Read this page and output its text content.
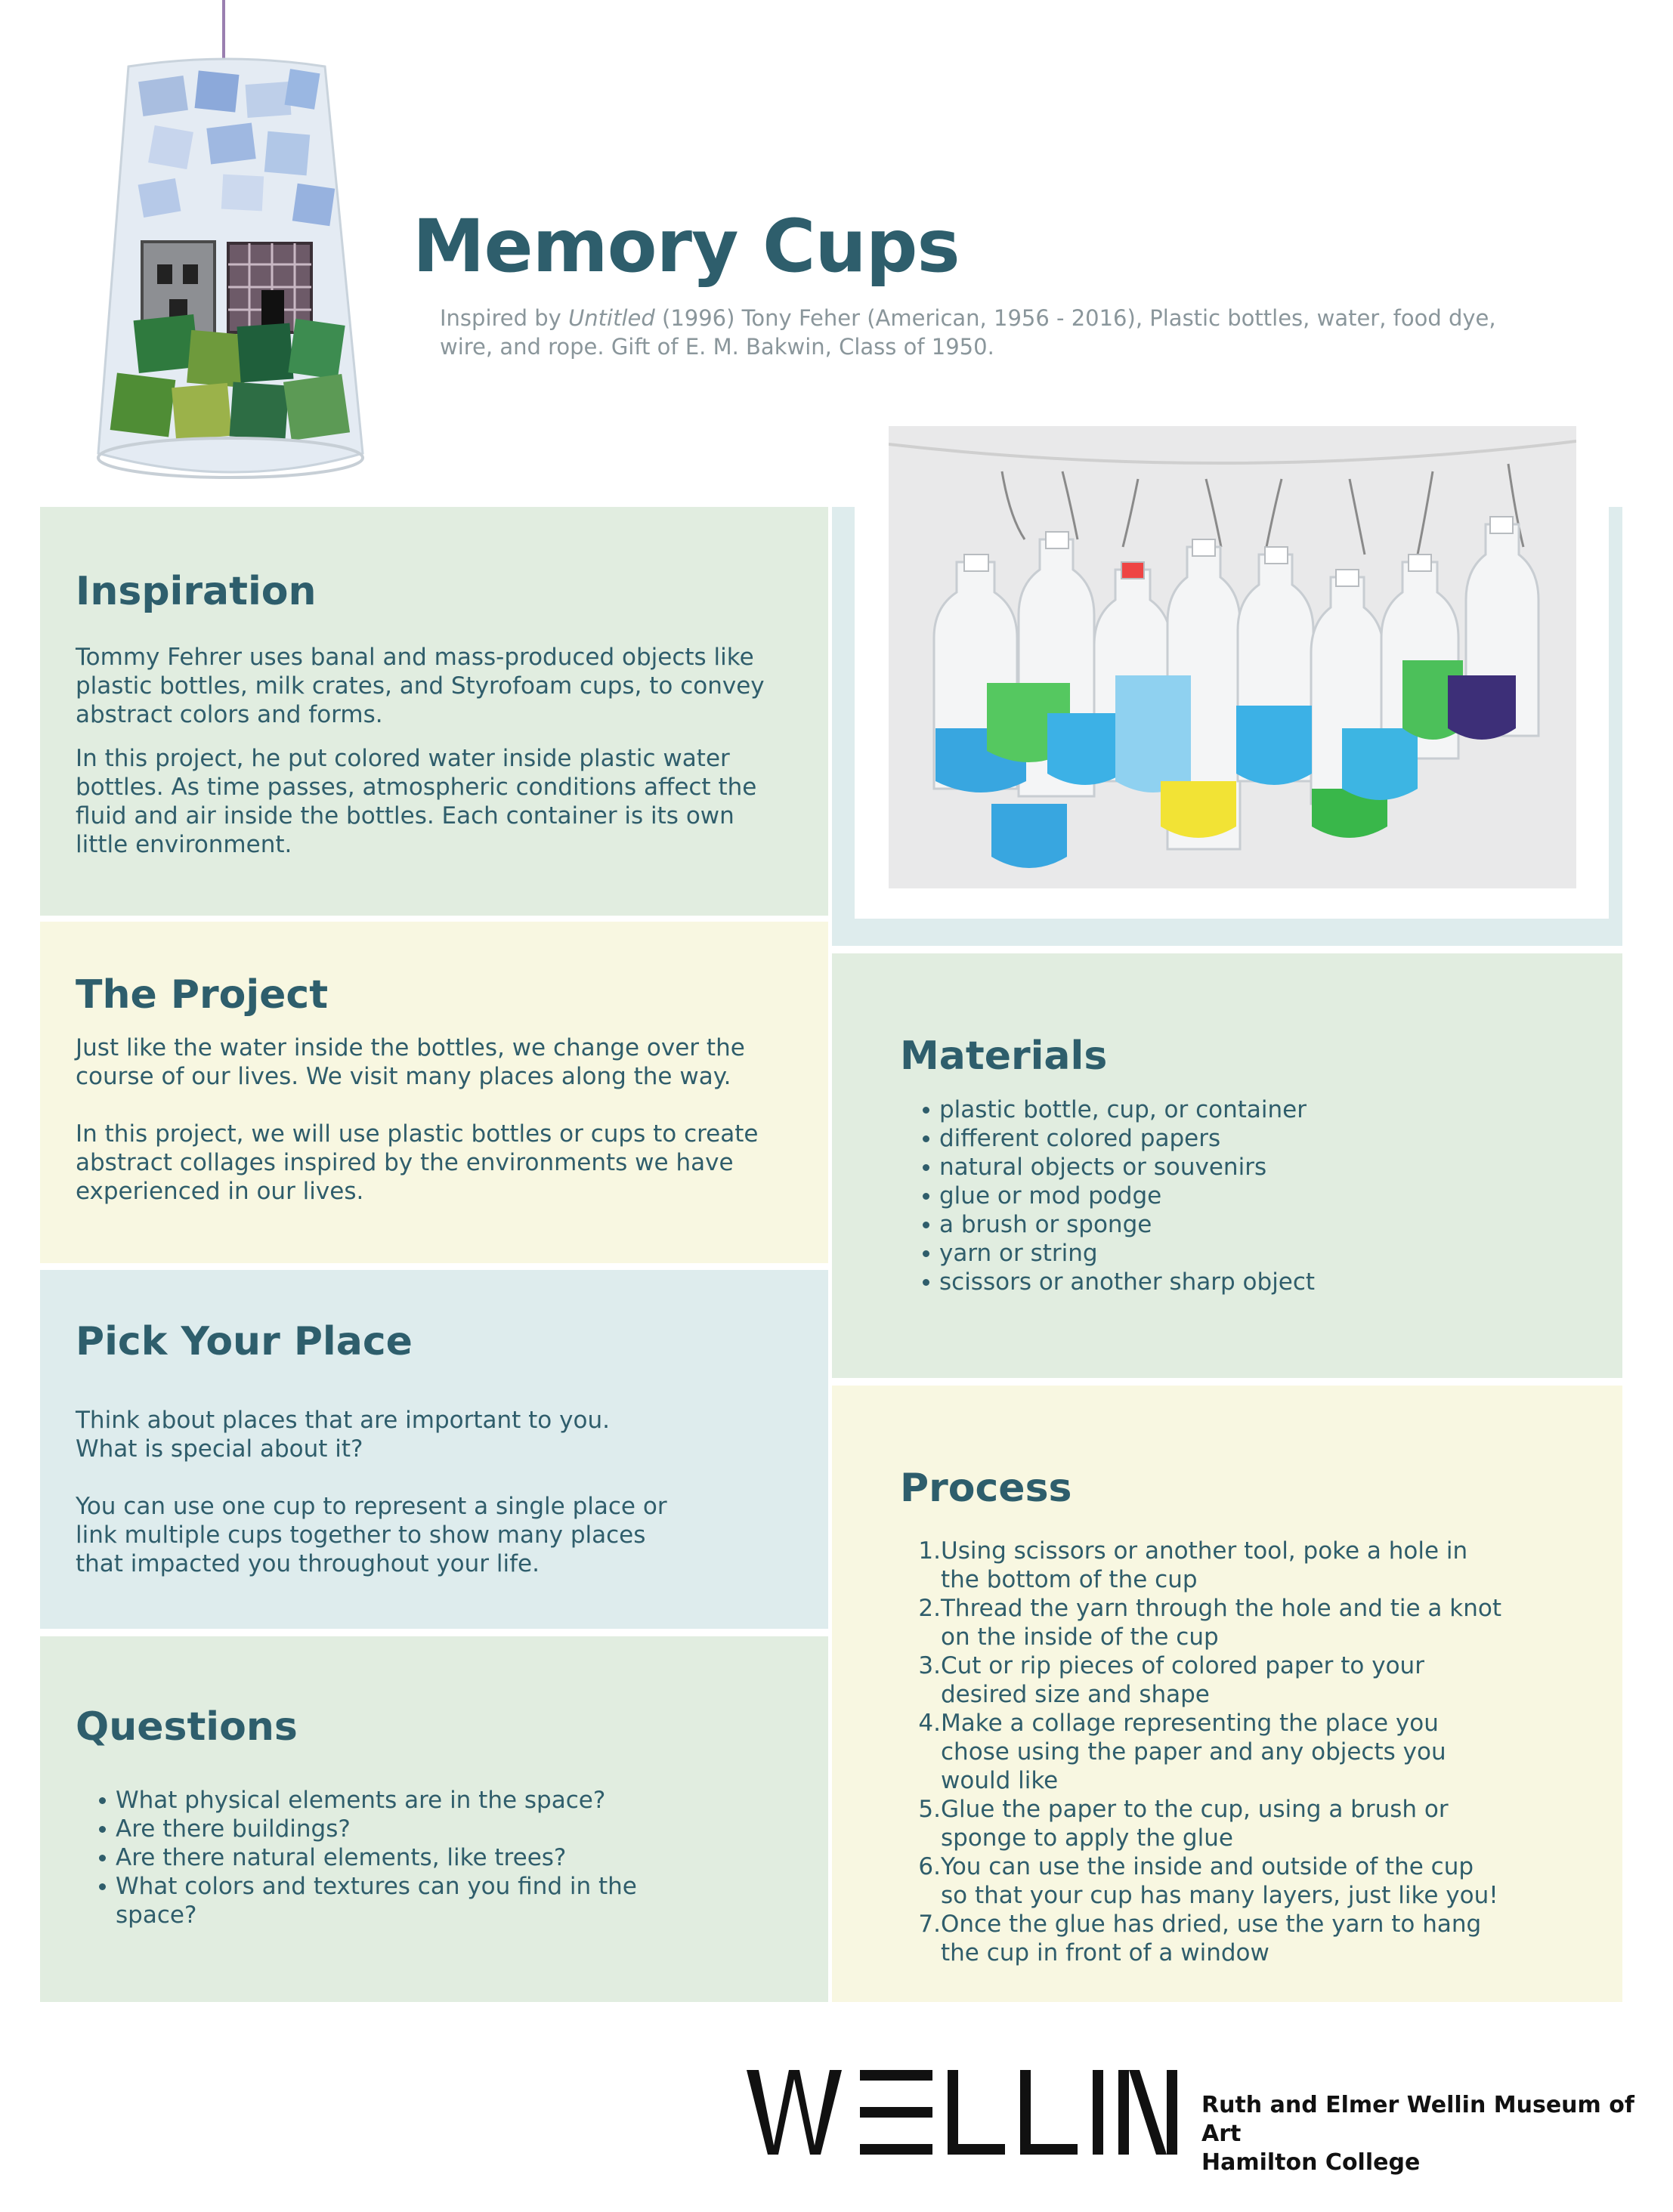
Memory Cups
Inspired by Untitled (1996) Tony Feher (American, 1956 - 2016), Plastic bottles, water, food dye, wire, and rope. Gift of E. M. Bakwin, Class of 1950.
Inspiration

Tommy Fehrer uses banal and mass-produced objects like plastic bottles, milk crates, and Styrofoam cups, to convey abstract colors and forms.

In this project, he put colored water inside plastic water bottles. As time passes, atmospheric conditions affect the fluid and air inside the bottles. Each container is its own little environment.

The Project

Just like the water inside the bottles, we change over the course of our lives. We visit many places along the way.

In this project, we will use plastic bottles or cups to create abstract collages inspired by the environments we have experienced in our lives.

Pick Your Place

Think about places that are important to you. What is special about it?

You can use one cup to represent a single place or link multiple cups together to show many places that impacted you throughout your life.

Questions
What physical elements are in the space?
Are there buildings?
Are there natural elements, like trees?
What colors and textures can you find in the space?
Materials
plastic bottle, cup, or container
different colored papers
natural objects or souvenirs
glue or mod podge
a brush or sponge
yarn or string
scissors or another sharp object
Process
1. Using scissors or another tool, poke a hole in the bottom of the cup
2. Thread the yarn through the hole and tie a knot on the inside of the cup
3. Cut or rip pieces of colored paper to your desired size and shape
4. Make a collage representing the place you chose using the paper and any objects you would like
5. Glue the paper to the cup, using a brush or sponge to apply the glue
6. You can use the inside and outside of the cup so that your cup has many layers, just like you!
7. Once the glue has dried, use the yarn to hang the cup in front of a window
Ruth and Elmer Wellin Museum of Art
Hamilton College
